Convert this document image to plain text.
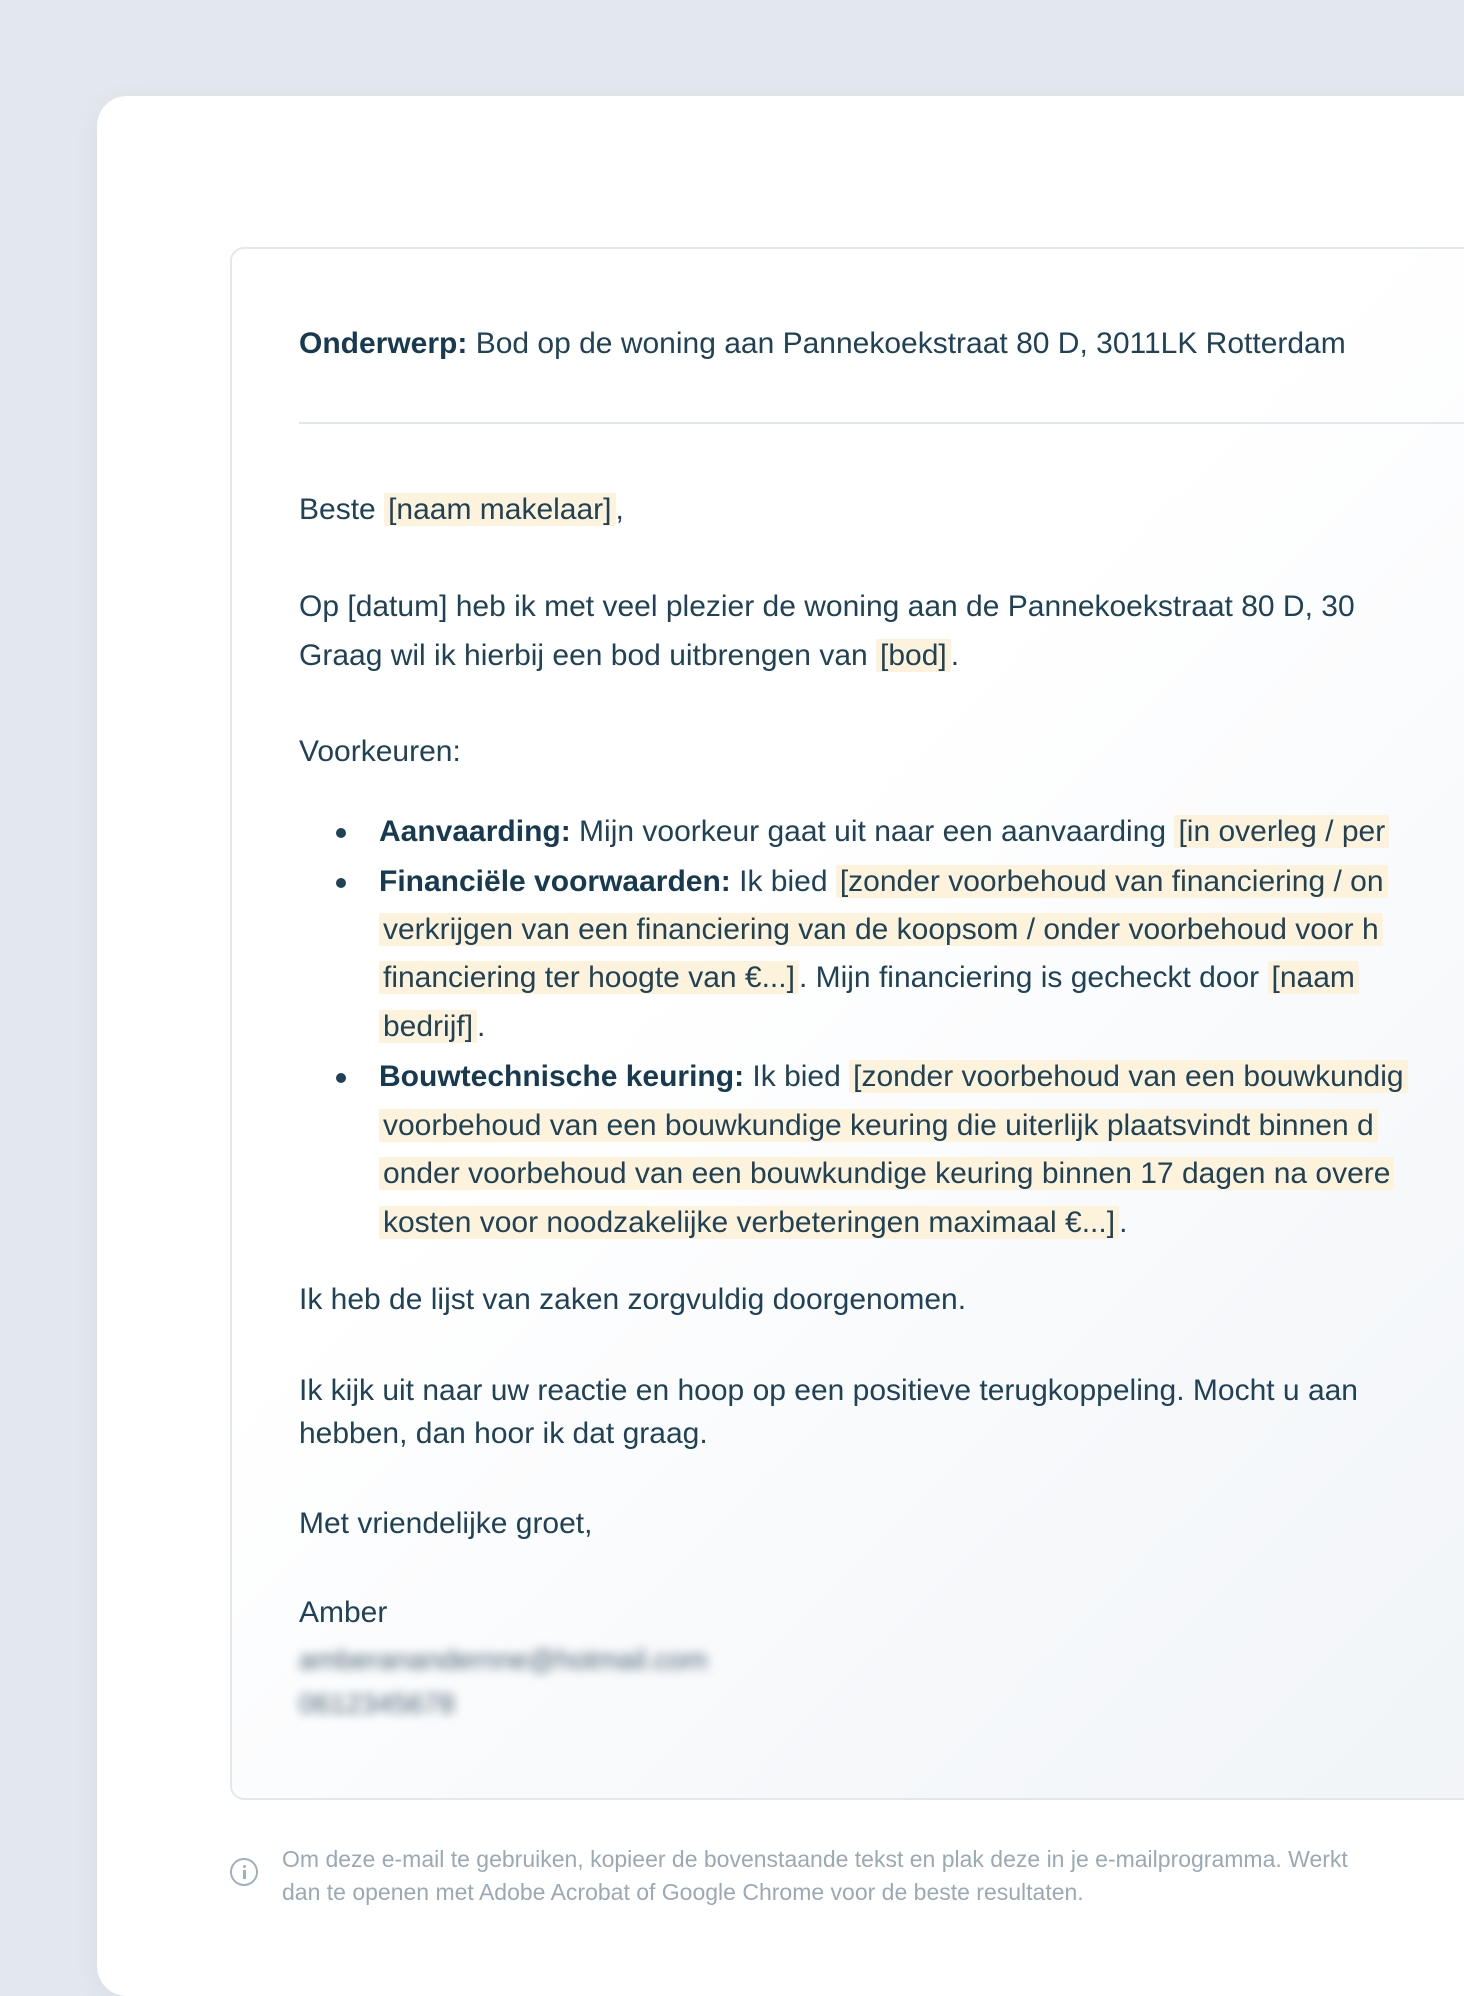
Onderwerp: Bod op de woning aan Pannekoekstraat 80 D, 3011LK Rotterdam
Beste [naam makelaar] ,
Op [datum] heb ik met veel plezier de woning aan de Pannekoekstraat 80 D, 30
Graag wil ik hierbij een bod uitbrengen van [bod] .
Voorkeuren:
Aanvaarding: Mijn voorkeur gaat uit naar een aanvaarding [in overleg / per
Financiële voorwaarden: Ik bied [zonder voorbehoud van financiering / on
verkrijgen van een financiering van de koopsom / onder voorbehoud voor h
financiering ter hoogte van €...] . Mijn financiering is gecheckt door [naam
bedrijf] .
Bouwtechnische keuring: Ik bied [zonder voorbehoud van een bouwkundig
voorbehoud van een bouwkundige keuring die uiterlijk plaatsvindt binnen d
onder voorbehoud van een bouwkundige keuring binnen 17 dagen na overe
kosten voor noodzakelijke verbeteringen maximaal €...] .
Ik heb de lijst van zaken zorgvuldig doorgenomen.
Ik kijk uit naar uw reactie en hoop op een positieve terugkoppeling. Mocht u aan
hebben, dan hoor ik dat graag.
Met vriendelijke groet,
Amber
amberanandernne@hotmail.com
0612345678
Om deze e-mail te gebruiken, kopieer de bovenstaande tekst en plak deze in je e-mailprogramma. Werkt
dan te openen met Adobe Acrobat of Google Chrome voor de beste resultaten.
